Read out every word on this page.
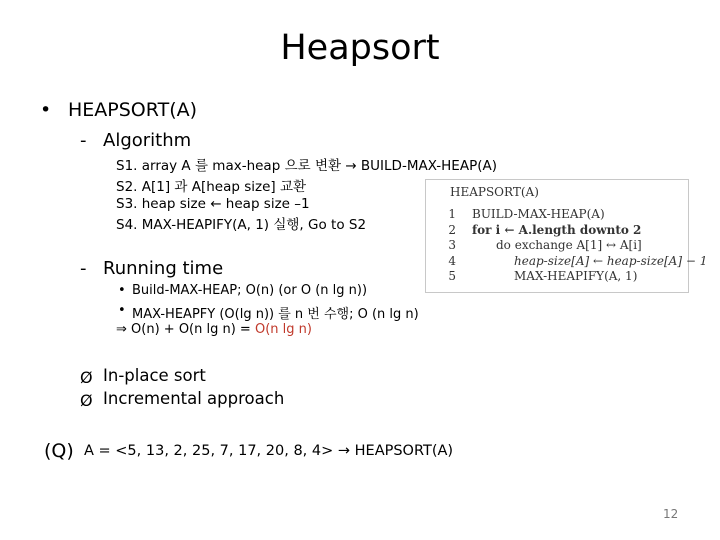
Heapsort
• HEAPSORT(A)
- Algorithm
S1. array A 를 max-heap 으로 변환 → BUILD-MAX-HEAP(A)
S2. A[1] 과 A[heap size] 교환
S3. heap size ← heap size –1
S4. MAX-HEAPIFY(A, 1) 실행, Go to S2
HEAPSORT(A)
1 BUILD-MAX-HEAP(A)
2 for i ← A.length downto 2
3	do exchange A[1] ↔ A[i]
4	heap-size[A] ← heap-size[A] − 1
5	MAX-HEAPIFY(A, 1)
- Running time
• Build-MAX-HEAP; O(n) (or O (n lg n))
• MAX-HEAPFY (O(lg n)) 를 n 번 수행; O (n lg n)
⇒ O(n) + O(n lg n) = O(n lg n)
Ø In-place sort
Ø Incremental approach
(Q) A = <5, 13, 2, 25, 7, 17, 20, 8, 4> → HEAPSORT(A)
12
